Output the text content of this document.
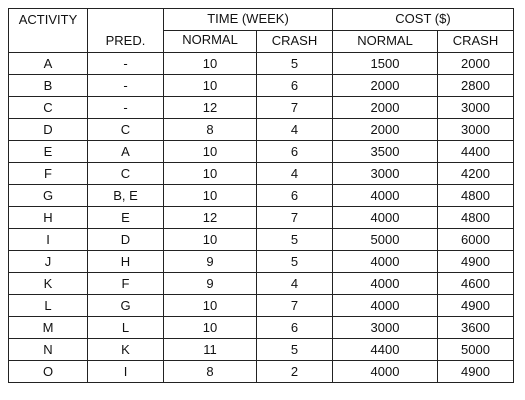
ACTIVITY		TIME (WEEK)		COST ($)	
	PRED.	NORMAL	CRASH	NORMAL	CRASH
A	-	10	5	1500	2000
B	-	10	6	2000	2800
C	-	12	7	2000	3000
D	C	8	4	2000	3000
E	A	10	6	3500	4400
F	C	10	4	3000	4200
G	B, E	10	6	4000	4800
H	E	12	7	4000	4800
I	D	10	5	5000	6000
J	H	9	5	4000	4900
K	F	9	4	4000	4600
L	G	10	7	4000	4900
M	L	10	6	3000	3600
N	K	11	5	4400	5000
O	I	8	2	4000	4900
